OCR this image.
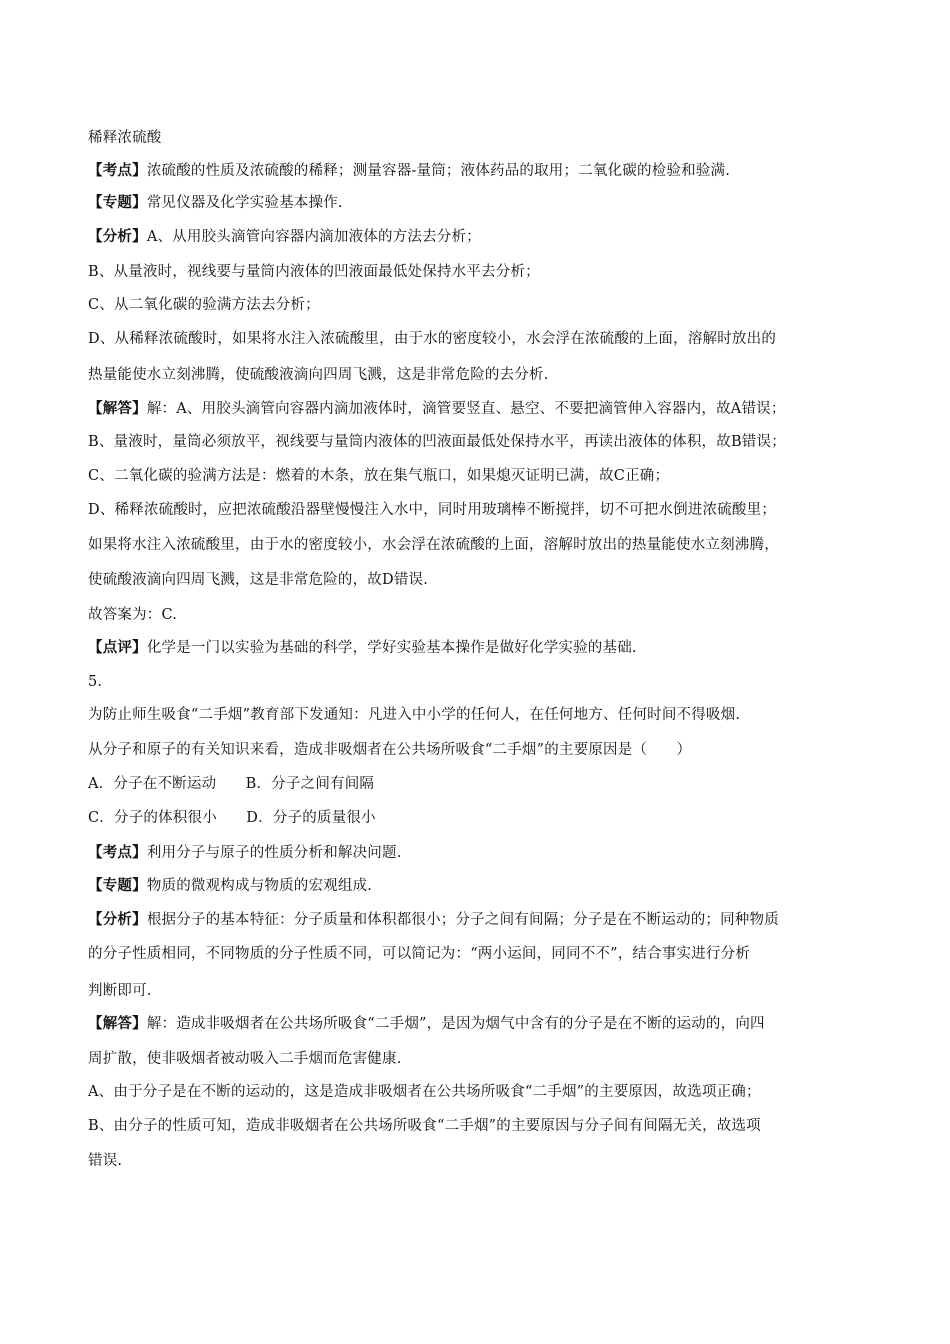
稀释浓硫酸
【考点】浓硫酸的性质及浓硫酸的稀释；测量容器-量筒；液体药品的取用；二氧化碳的检验和验满.
【专题】常见仪器及化学实验基本操作.
【分析】A、从用胶头滴管向容器内滴加液体的方法去分析；
B、从量液时，视线要与量筒内液体的凹液面最低处保持水平去分析；
C、从二氧化碳的验满方法去分析；
D、从稀释浓硫酸时，如果将水注入浓硫酸里，由于水的密度较小，水会浮在浓硫酸的上面，溶解时放出的
热量能使水立刻沸腾，使硫酸液滴向四周飞溅，这是非常危险的去分析.
【解答】解：A、用胶头滴管向容器内滴加液体时，滴管要竖直、悬空、不要把滴管伸入容器内，故A错误；
B、量液时，量筒必须放平，视线要与量筒内液体的凹液面最低处保持水平，再读出液体的体积，故B错误；
C、二氧化碳的验满方法是：燃着的木条，放在集气瓶口，如果熄灭证明已满，故C正确；
D、稀释浓硫酸时，应把浓硫酸沿器壁慢慢注入水中，同时用玻璃棒不断搅拌，切不可把水倒进浓硫酸里；
如果将水注入浓硫酸里，由于水的密度较小，水会浮在浓硫酸的上面，溶解时放出的热量能使水立刻沸腾，
使硫酸液滴向四周飞溅，这是非常危险的，故D错误.
故答案为：C.
【点评】化学是一门以实验为基础的科学，学好实验基本操作是做好化学实验的基础.
5.
为防止师生吸食“二手烟”教育部下发通知：凡进入中小学的任何人，在任何地方、任何时间不得吸烟.
从分子和原子的有关知识来看，造成非吸烟者在公共场所吸食“二手烟”的主要原因是（　　）
A．分子在不断运动　　B．分子之间有间隔
C．分子的体积很小　　D．分子的质量很小
【考点】利用分子与原子的性质分析和解决问题.
【专题】物质的微观构成与物质的宏观组成.
【分析】根据分子的基本特征：分子质量和体积都很小；分子之间有间隔；分子是在不断运动的；同种物质
的分子性质相同，不同物质的分子性质不同，可以简记为：“两小运间，同同不不”，结合事实进行分析
判断即可.
【解答】解：造成非吸烟者在公共场所吸食“二手烟”，是因为烟气中含有的分子是在不断的运动的，向四
周扩散，使非吸烟者被动吸入二手烟而危害健康.
A、由于分子是在不断的运动的，这是造成非吸烟者在公共场所吸食“二手烟”的主要原因，故选项正确；
B、由分子的性质可知，造成非吸烟者在公共场所吸食“二手烟”的主要原因与分子间有间隔无关，故选项
错误.
